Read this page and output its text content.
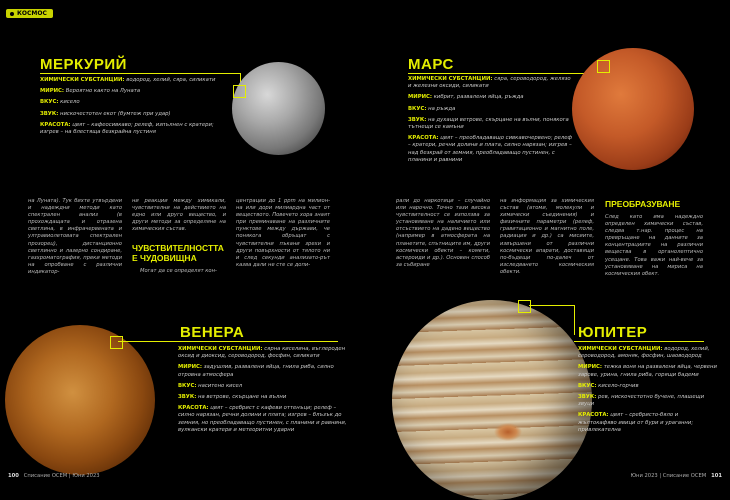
КОСМОС
МЕРКУРИЙ

ХИМИЧЕСКИ СУБСТАНЦИИ: водород, хелий, сяра, силикати

МИРИС: Вероятно както на Луната

ВКУС: кисело

ЗВУК: нискочестотен екот (бумтеж при удар)

КРАСОТА: цвят – кафеосивкаво; релеф, изпълнен с кратери; изгрев – на блестяща безкрайна пустиня

МАРС

ХИМИЧЕСКИ СУБСТАНЦИИ: сяра, сероводород, желязо и железни оксиди, силикати

МИРИС: кибрит, развалени яйца, ръжда

ВКУС: на ръжда

ЗВУК: на духащи ветрове, скърцане на вълни, понякога тътнещи се камъни

КРАСОТА: цвят – преобладаващо сивкавочервено; релеф – кратери, речни долини и плата, силно нарязан; изгрев – над безкрай от земния, преобладаващо пустинен, с планини и равнини

на Луната). Тук бихте утвърдени и надеждни методи като спектрален анализ (в прохождащата и отразена светлина, в инфрачервената и ултравиолетовата спектрален прозорец), дистанционно светлинно и лазерно сондиране, газхроматография, преки методи на опробване с различни индикатор-
ни реакции между химикали, чувствителни на действието на едно или друго вещество, и други методи за определяне на химическия състав.
ЧУВСТВИТЕЛНОСТТА Е ЧУДОВИЩНА
Могат да се определят кон-
центрации до 1 ppm на милион-на или дори милиардна част от веществото. Повечето хора знаят при преминаване на различните пунктове между държави, че понякога обръщат с чувствителни пъкани зрехи и други повърхности от тялото ни и след секунди анализато-рът казва дали не сте се допи-
рали до наркотици – случайно или нарочно. Точно тази висока чувствителност се използва за установяване на наличието или отсъствието на дадено вещество (например в атмосферата на планетите, спътниците им, други космически обекти – комети, астероиди и др.). Основен способ за събиране
на информация за химическия състав (атоми, молекули и химически съединения) и физичните параметри (релеф, гравитационно и магнитно поле, радиация и др.) са мисиите, извършени от различни космически апарати, доставящи по-бъдещи по-далеч от изследването космическия обекти.
ПРЕОБРАЗУВАНЕ
След като има надеждно определен химически състав, следва т.нар. процес на превръщане на данните за концентрациите на различни вещества в органолептично усещане. Това важи най-вече за установяване на мириса на космическия обект.
ВЕНЕРА

ХИМИЧЕСКИ СУБСТАНЦИИ: сярна киселина, въглероден оксид и диоксид, сероводород, фосфин, силикати

МИРИС: задушлив, развалени яйца, гнила риба, силно отровна атмосфера

ВКУС: наситено кисел

ЗВУК: на ветрове, скърцане на вълни

КРАСОТА: цвят – сребрист с кафеви оттенъци; релеф – силно нарязан, речни долини и плата; изгрев – блъзък до земния, но преобладаващо пустинен, с планини и равнини, вулкански кратери и метеоритни ударни

ЮПИТЕР

ХИМИЧЕСКИ СУБСТАНЦИИ: водород, хелий, сероводород, амоняк, фосфин, шаоводород

МИРИС: тежка воня на развалени яйца, червени зарове, урина, гнила риба, горящи бадеми

ВКУС: кисело-горчив

ЗВУК: рев, нискочестотно бучене, плашещи звуци

КРАСОТА: цвят – сребристо-бяло и жълтокафяво ивици от бури и ураганни; привлекателна

100 Списание ОСЕМ | Юни 2023	Юни 2023 | Списание ОСЕМ 101
